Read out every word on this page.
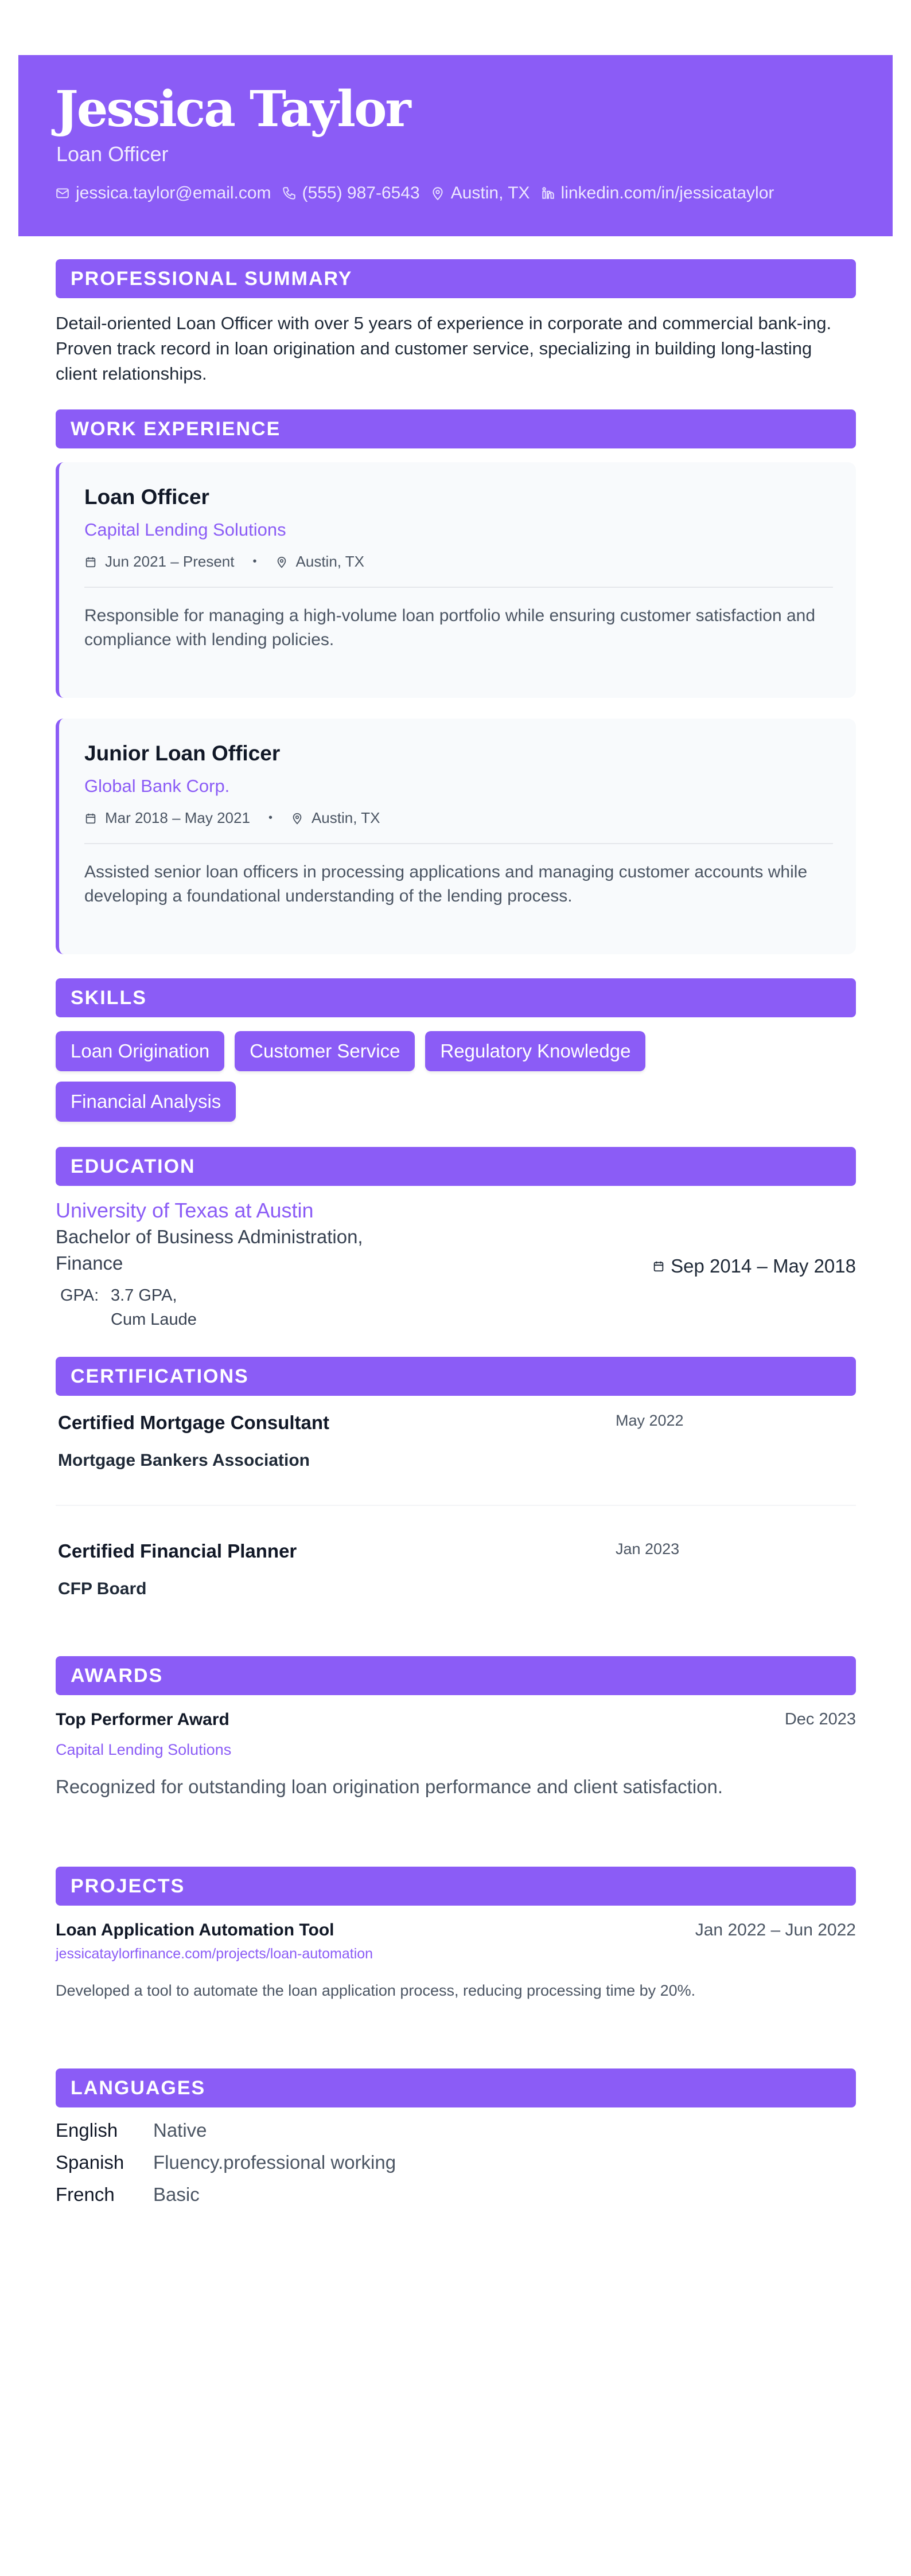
Jessica Taylor
Loan Officer
jessica.taylor@email.com (555) 987-6543 Austin, TX linkedin.com/in/jessicataylor
PROFESSIONAL SUMMARY

Detail-oriented Loan Officer with over 5 years of experience in corporate and commercial bank-ing. Proven track record in loan origination and customer service, specializing in building long-lasting client relationships.

WORK EXPERIENCE
Loan Officer
Capital Lending Solutions
Jun 2021 – Present •	Austin, TX

Responsible for managing a high-volume loan portfolio while ensuring customer satisfaction and compliance with lending policies.

Junior Loan Officer
Global Bank Corp.
Mar 2018 – May 2021 •	Austin, TX

Assisted senior loan officers in processing applications and managing customer accounts while developing a foundational understanding of the lending process.

SKILLS
Loan Origination	Customer Service	Regulatory Knowledge
Financial Analysis
EDUCATION
University of Texas at Austin
Bachelor of Business Administration, Finance
GPA: 3.7 GPA,
Cum Laude
Sep 2014 – May 2018
CERTIFICATIONS
Certified Mortgage Consultant
Mortgage Bankers Association
May 2022
Certified Financial Planner
CFP Board
Jan 2023
AWARDS
Top Performer Award	Dec 2023
Capital Lending Solutions

Recognized for outstanding loan origination performance and client satisfaction.

PROJECTS
Loan Application Automation Tool	Jan 2022 – Jun 2022
jessicataylorfinance.com/projects/loan-automation

Developed a tool to automate the loan application process, reducing processing time by 20%.

LANGUAGES
English	Native
Spanish	Fluency.professional working
French	Basic
